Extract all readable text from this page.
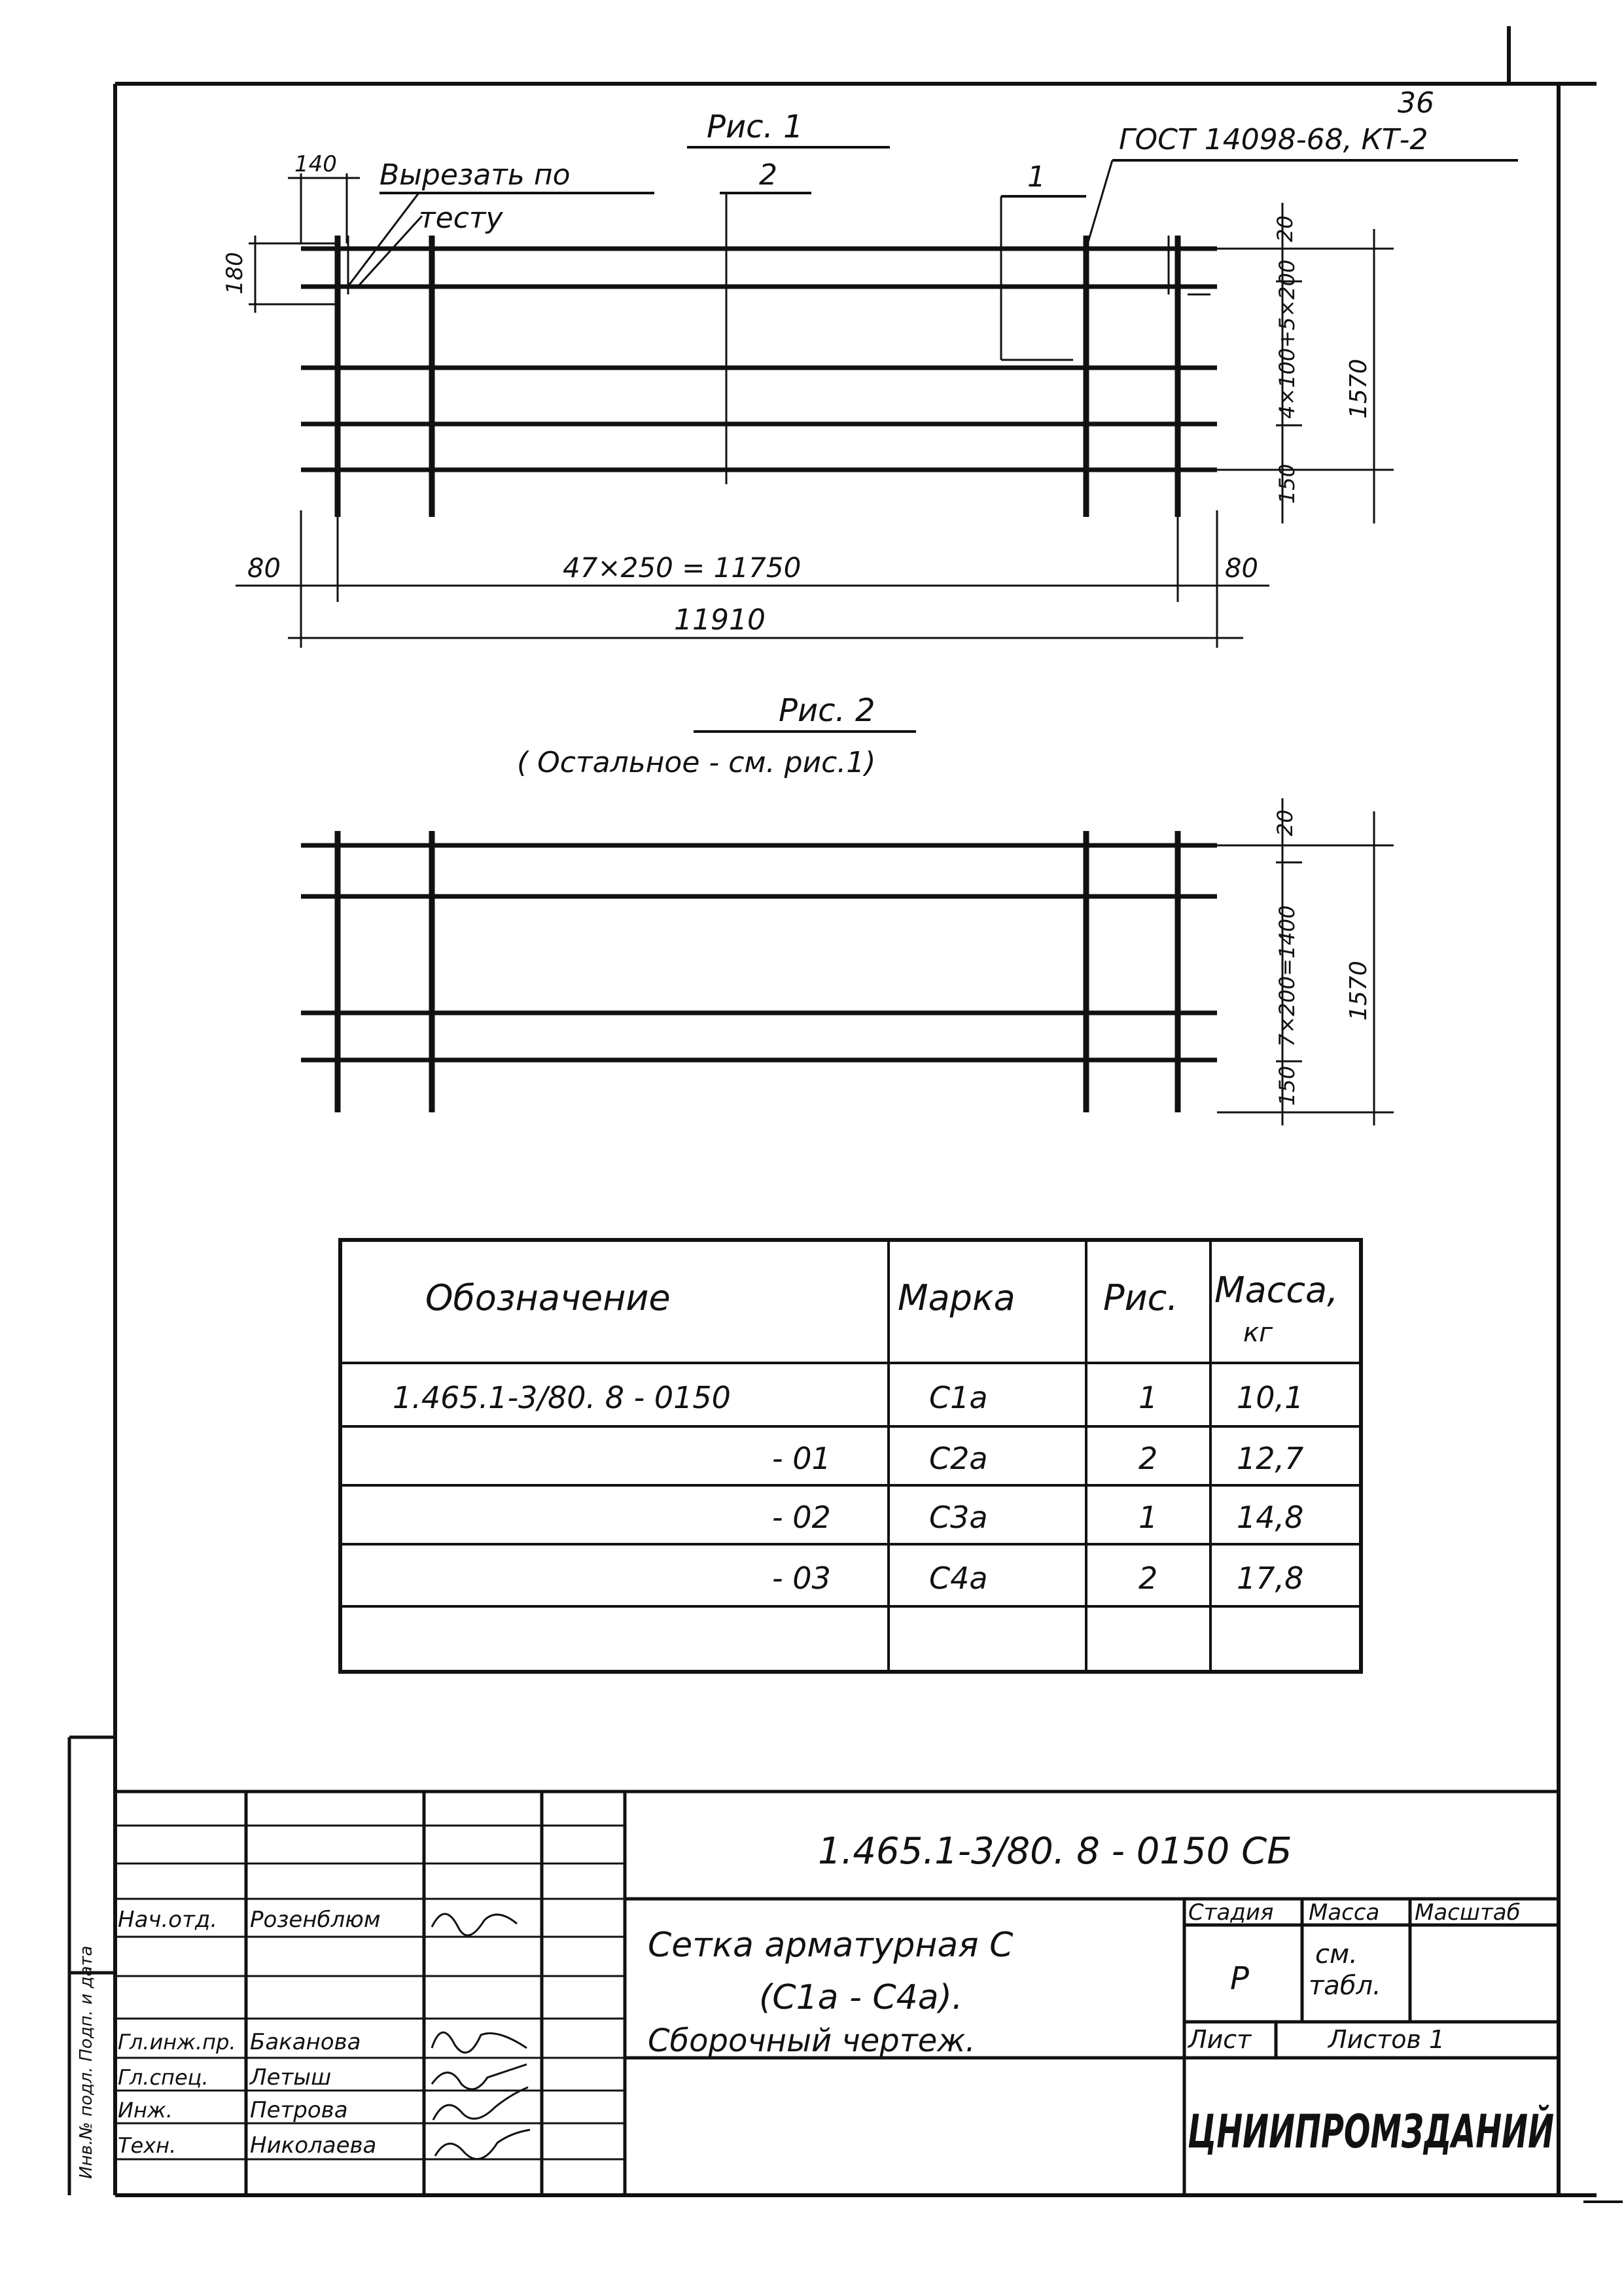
36
Инв.№ подл. Подп. и дата
Рис. 1
Вырезать по
тесту
140
ГОСТ 14098-68, КТ-2
1
2
180
20
4×100+5×200
150
1570
80	80
47×250 = 11750
11910
Рис. 2
( Остальное - см. рис.1)
20
7×200=1400
150
1570
Обозначение	Марка Рис. Масса,
кг
1.465.1-3/80. 8 - 0150	С1а	1	10,1
- 01	С2а	2	12,7
- 02	С3а	1	14,8
- 03	С4а	2	17,8
1.465.1-3/80. 8 - 0150 СБ
Сетка арматурная С
(С1а - С4а).
Сборочный чертеж.
Стадия Масса Масштаб
Р
см.
табл.
Лист	Листов 1
ЦНИИПРОМЗДАНИЙ
Нач.отд. Розенблюм
Гл.инж.пр. Баканова
Гл.спец. Летыш
Инж.	Петрова
Техн.	Николаева
